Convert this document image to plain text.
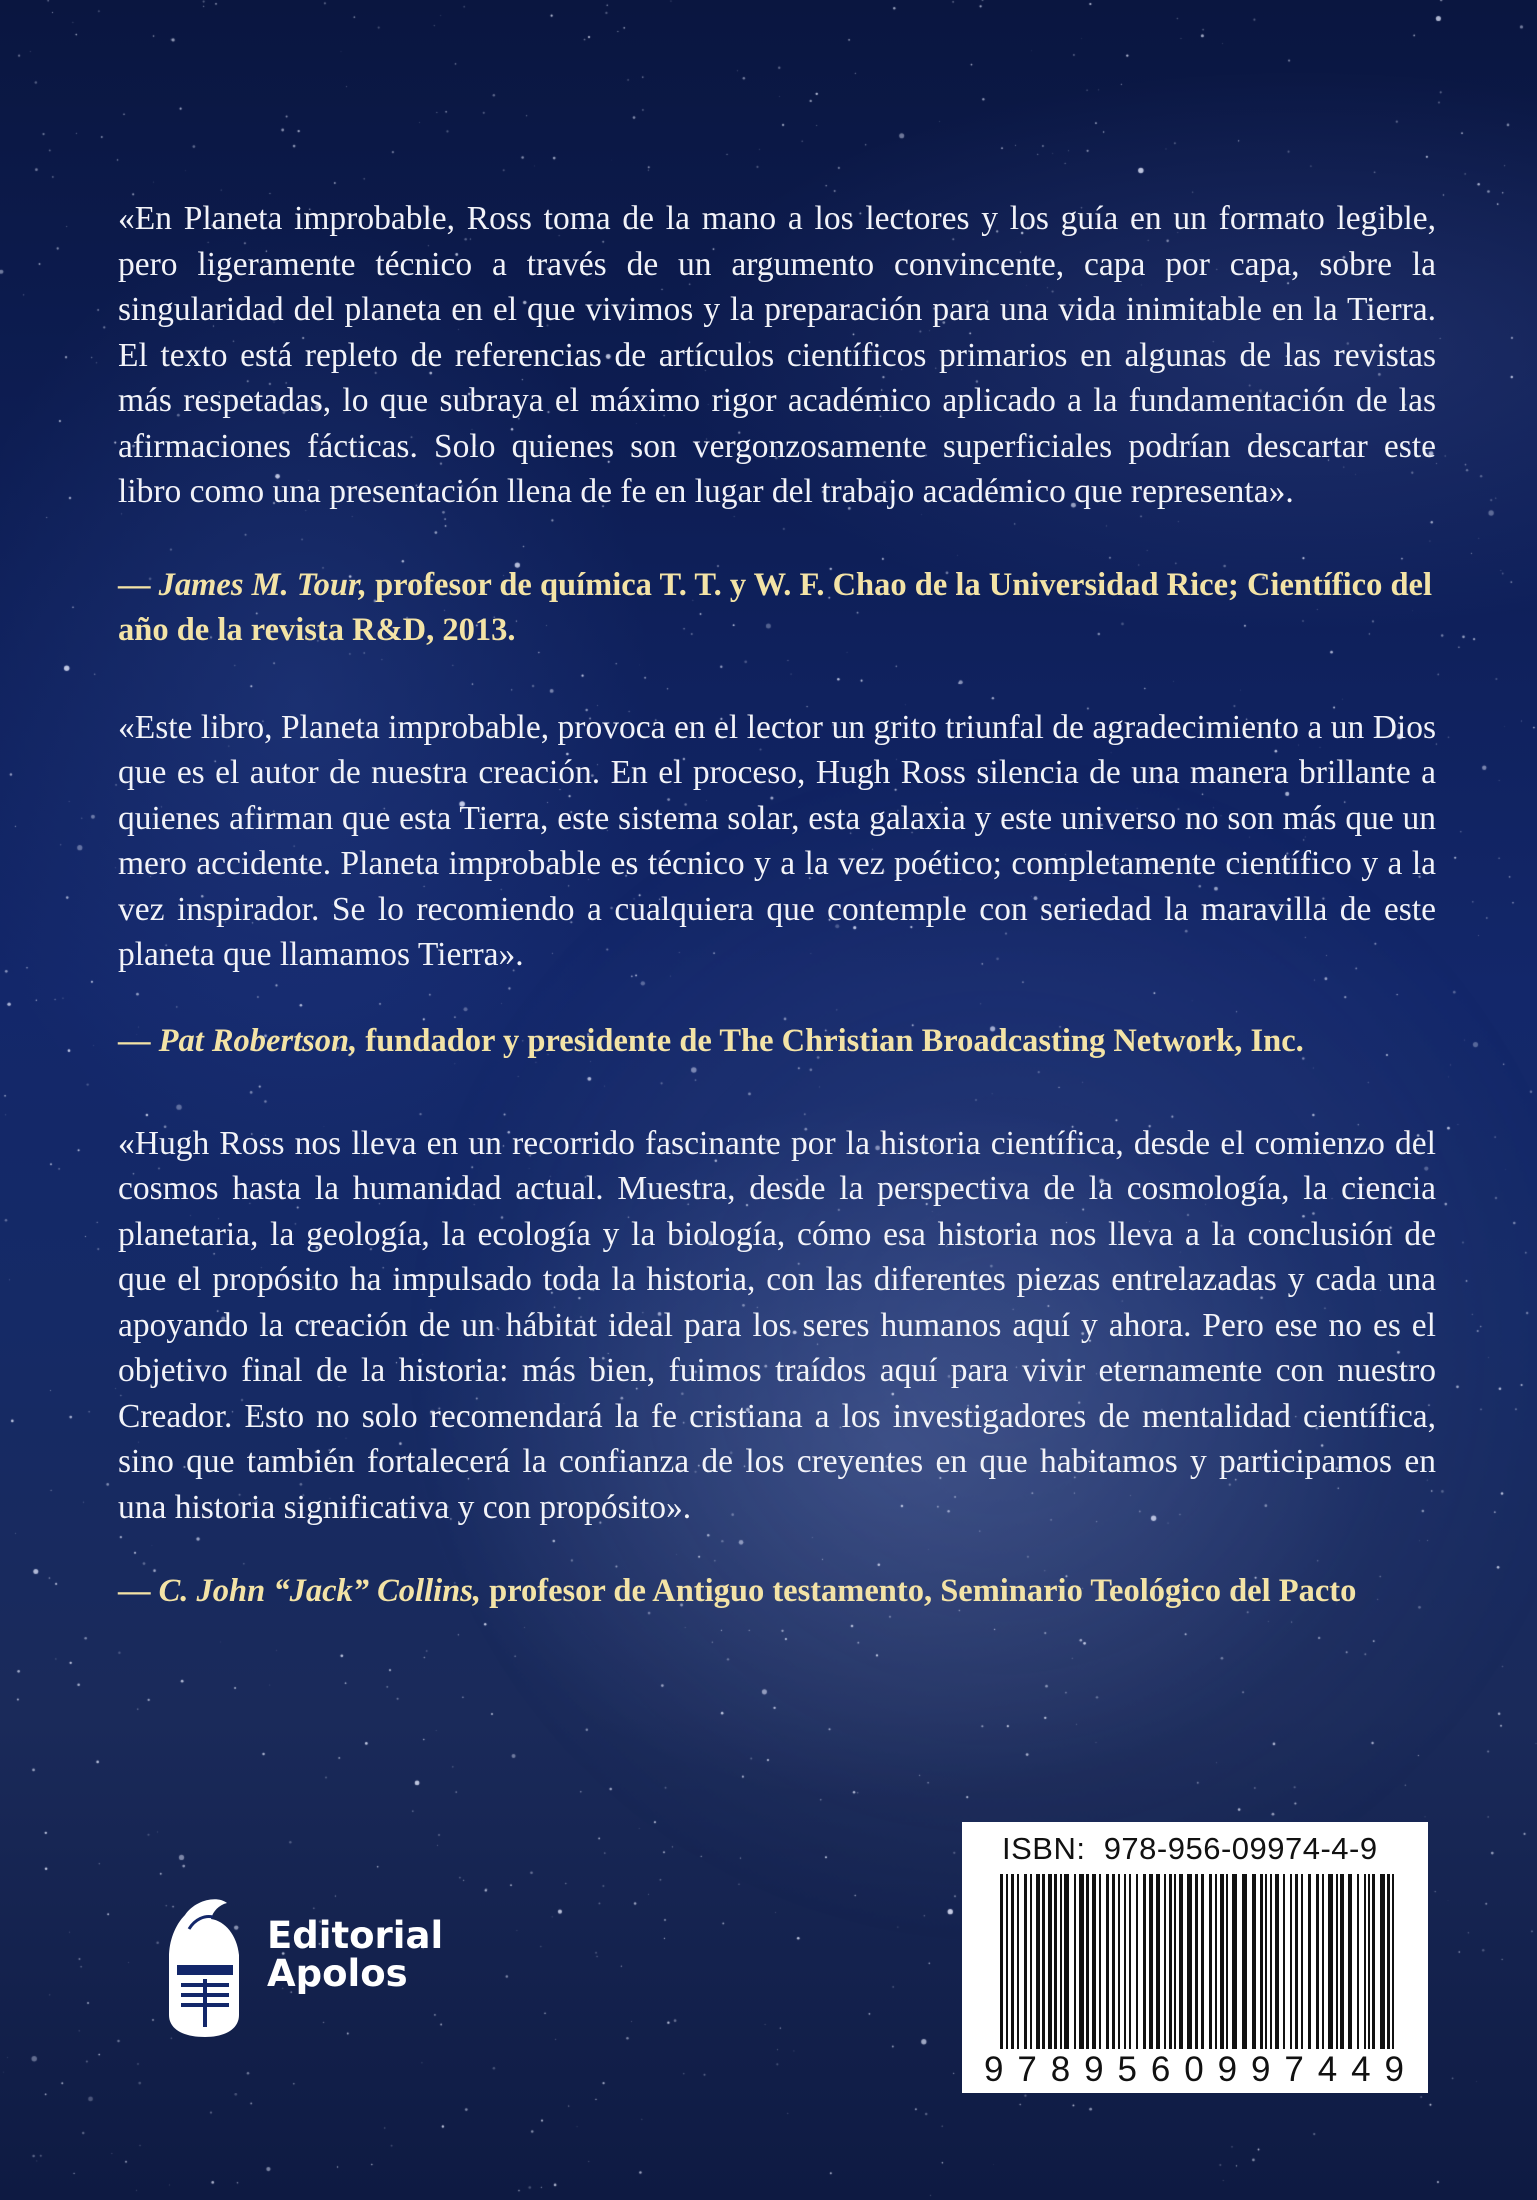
«En Planeta improbable, Ross toma de la mano a los lectores y los guía en un formato legible, pero ligeramente técnico a través de un argumento convincente, capa por capa, sobre la singularidad del planeta en el que vivimos y la preparación para una vida inimitable en la Tierra. El texto está repleto de referencias de artículos científicos primarios en algunas de las revistas más respetadas, lo que subraya el máximo rigor académico aplicado a la fundamentación de las afirmaciones fácticas. Solo quienes son vergonzosamente superficiales podrían descartar este libro como una presentación llena de fe en lugar del trabajo académico que representa».

— James M. Tour, profesor de química T. T. y W. F. Chao de la Universidad Rice; Científico del año de la revista R&D, 2013.

«Este libro, Planeta improbable, provoca en el lector un grito triunfal de agradecimiento a un Dios que es el autor de nuestra creación. En el proceso, Hugh Ross silencia de una manera brillante a quienes afirman que esta Tierra, este sistema solar, esta galaxia y este universo no son más que un mero accidente. Planeta improbable es técnico y a la vez poético; completamente científico y a la vez inspirador. Se lo recomiendo a cualquiera que contemple con seriedad la maravilla de este planeta que llamamos Tierra».

— Pat Robertson, fundador y presidente de The Christian Broadcasting Network, Inc.

«Hugh Ross nos lleva en un recorrido fascinante por la historia científica, desde el comienzo del cosmos hasta la humanidad actual. Muestra, desde la perspectiva de la cosmología, la ciencia planetaria, la geología, la ecología y la biología, cómo esa historia nos lleva a la conclusión de que el propósito ha impulsado toda la historia, con las diferentes piezas entrelazadas y cada una apoyando la creación de un hábitat ideal para los seres humanos aquí y ahora. Pero ese no es el objetivo final de la historia: más bien, fuimos traídos aquí para vivir eternamente con nuestro Creador. Esto no solo recomendará la fe cristiana a los investigadores de mentalidad científica, sino que también fortalecerá la confianza de los creyentes en que habitamos y participamos en una historia significativa y con propósito».

— C. John “Jack” Collins, profesor de Antiguo testamento, Seminario Teológico del Pacto

Editorial
Apolos
ISBN:  978-956-09974-4-9
9 7 8 9 5 6 0 9 9 7 4 4 9
